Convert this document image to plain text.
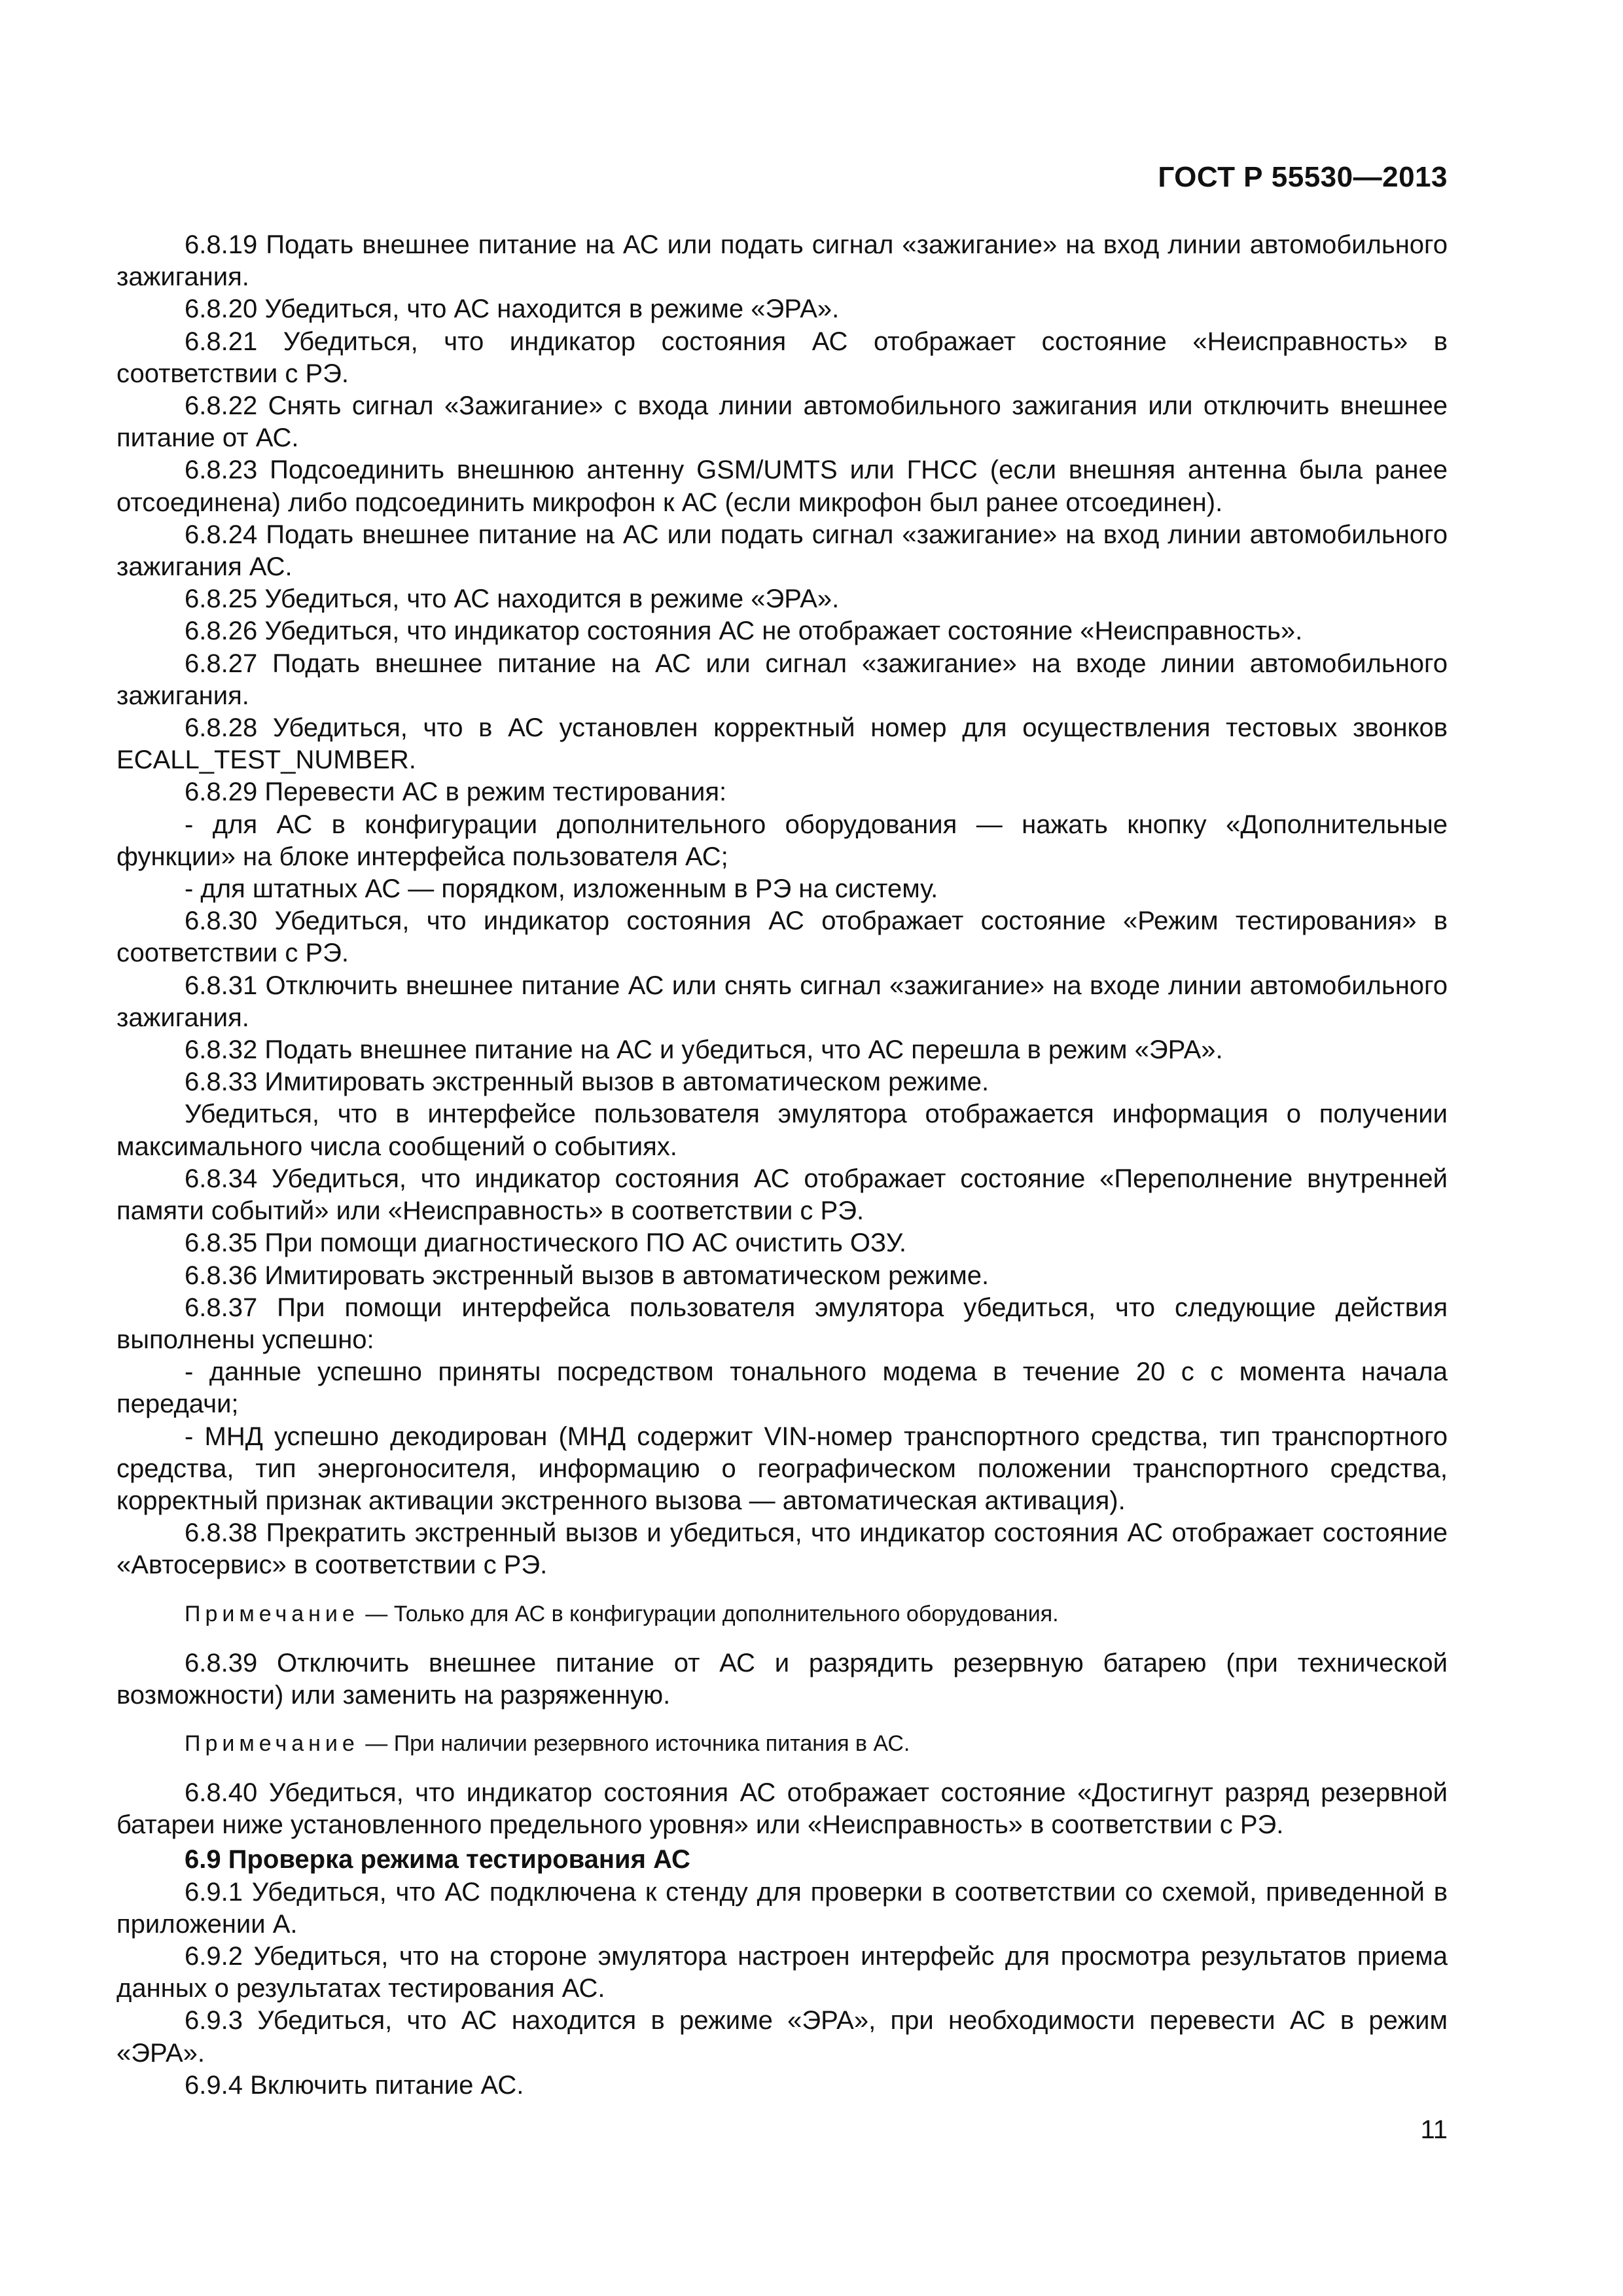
ГОСТ Р 55530—2013

6.8.19 Подать внешнее питание на АС или подать сигнал «зажигание» на вход линии автомобильного зажигания.

6.8.20 Убедиться, что АС находится в режиме «ЭРА».

6.8.21 Убедиться, что индикатор состояния АС отображает состояние «Неисправность» в соответствии с РЭ.

6.8.22 Снять сигнал «Зажигание» с входа линии автомобильного зажигания или отключить внешнее питание от АС.

6.8.23 Подсоединить внешнюю антенну GSM/UMTS или ГНСС (если внешняя антенна была ранее отсоединена) либо подсоединить микрофон к АС (если микрофон был ранее отсоединен).

6.8.24 Подать внешнее питание на АС или подать сигнал «зажигание» на вход линии автомобильного зажигания АС.

6.8.25 Убедиться, что АС находится в режиме «ЭРА».

6.8.26 Убедиться, что индикатор состояния АС не отображает состояние «Неисправность».

6.8.27 Подать внешнее питание на АС или сигнал «зажигание» на входе линии автомобильного зажигания.

6.8.28 Убедиться, что в АС установлен корректный номер для осуществления тестовых звонков ECALL_TEST_NUMBER.

6.8.29 Перевести АС в режим тестирования:

- для АС в конфигурации дополнительного оборудования — нажать кнопку «Дополнительные функции» на блоке интерфейса пользователя АС;

- для штатных АС — порядком, изложенным в РЭ на систему.

6.8.30 Убедиться, что индикатор состояния АС отображает состояние «Режим тестирования» в соответствии с РЭ.

6.8.31 Отключить внешнее питание АС или снять сигнал «зажигание» на входе линии автомобильного зажигания.

6.8.32 Подать внешнее питание на АС и убедиться, что АС перешла в режим «ЭРА».

6.8.33 Имитировать экстренный вызов в автоматическом режиме.

Убедиться, что в интерфейсе пользователя эмулятора отображается информация о получении максимального числа сообщений о событиях.

6.8.34 Убедиться, что индикатор состояния АС отображает состояние «Переполнение внутренней памяти событий» или «Неисправность» в соответствии с РЭ.

6.8.35 При помощи диагностического ПО АС очистить ОЗУ.

6.8.36 Имитировать экстренный вызов в автоматическом режиме.

6.8.37 При помощи интерфейса пользователя эмулятора убедиться, что следующие действия выполнены успешно:

- данные успешно приняты посредством тонального модема в течение 20 с с момента начала передачи;

- МНД успешно декодирован (МНД содержит VIN-номер транспортного средства, тип транспортного средства, тип энергоносителя, информацию о географическом положении транспортного средства, корректный признак активации экстренного вызова — автоматическая активация).

6.8.38 Прекратить экстренный вызов и убедиться, что индикатор состояния АС отображает состояние «Автосервис» в соответствии с РЭ.

Примечание — Только для АС в конфигурации дополнительного оборудования.

6.8.39 Отключить внешнее питание от АС и разрядить резервную батарею (при технической возможности) или заменить на разряженную.

Примечание — При наличии резервного источника питания в АС.

6.8.40 Убедиться, что индикатор состояния АС отображает состояние «Достигнут разряд резервной батареи ниже установленного предельного уровня» или «Неисправность» в соответствии с РЭ.

6.9 Проверка режима тестирования АС

6.9.1 Убедиться, что АС подключена к стенду для проверки в соответствии со схемой, приведенной в приложении А.

6.9.2 Убедиться, что на стороне эмулятора настроен интерфейс для просмотра результатов приема данных о результатах тестирования АС.

6.9.3 Убедиться, что АС находится в режиме «ЭРА», при необходимости перевести АС в режим «ЭРА».

6.9.4 Включить питание АС.

11
